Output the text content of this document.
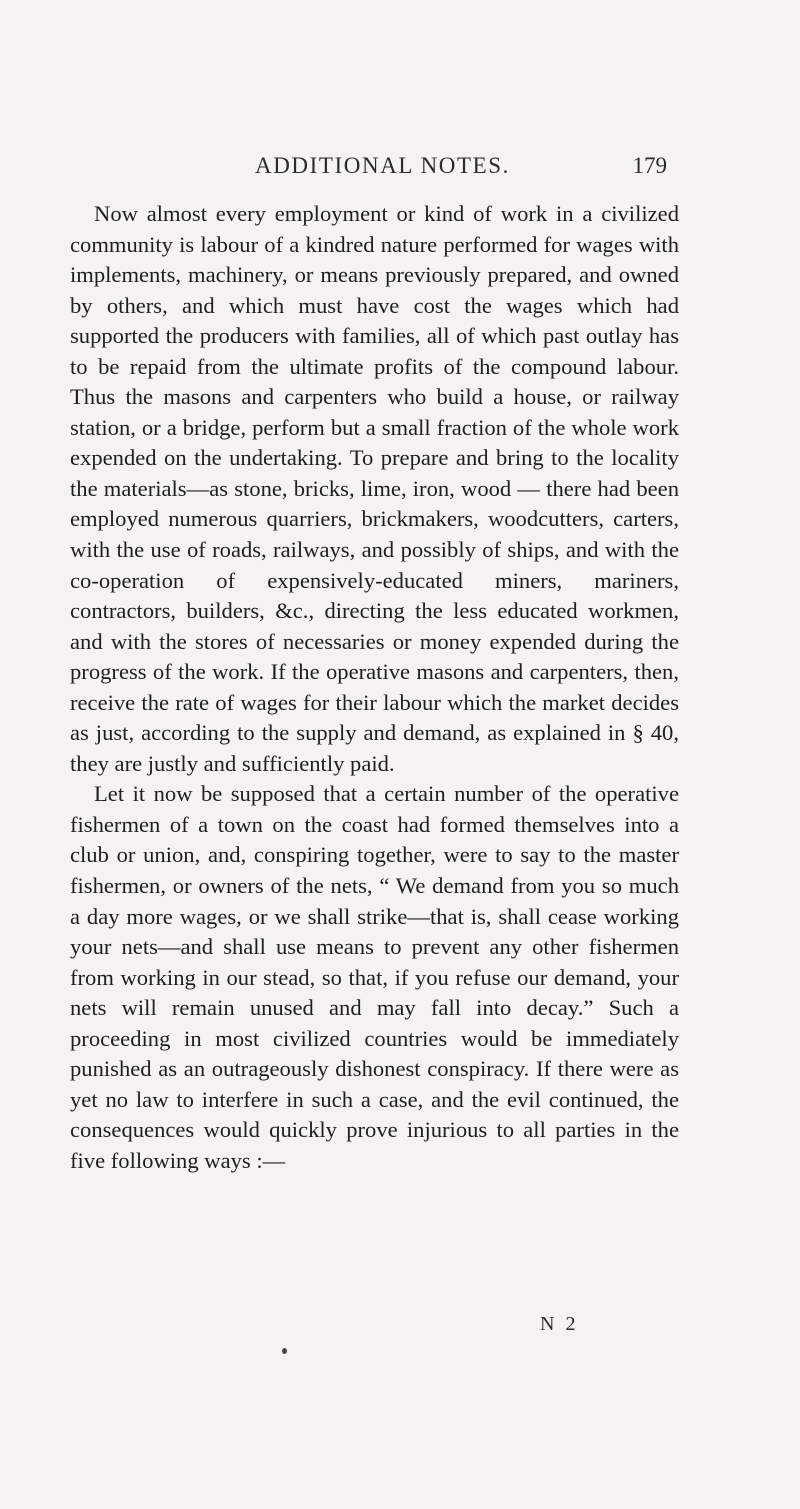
ADDITIONAL NOTES.	179

Now almost every employment or kind of work in a civilized community is labour of a kindred nature performed for wages with implements, machinery, or means previously prepared, and owned by others, and which must have cost the wages which had supported the producers with families, all of which past outlay has to be repaid from the ultimate profits of the compound labour. Thus the masons and carpenters who build a house, or railway station, or a bridge, perform but a small fraction of the whole work expended on the undertaking. To prepare and bring to the locality the materials—as stone, bricks, lime, iron, wood — there had been employed numerous quarriers, brickmakers, woodcutters, carters, with the use of roads, railways, and possibly of ships, and with the co-operation of expensively-educated miners, mariners, contractors, builders, &c., directing the less educated workmen, and with the stores of necessaries or money expended during the progress of the work. If the operative masons and carpenters, then, receive the rate of wages for their labour which the market decides as just, according to the supply and demand, as explained in § 40, they are justly and sufficiently paid.

Let it now be supposed that a certain number of the operative fishermen of a town on the coast had formed themselves into a club or union, and, conspiring together, were to say to the master fishermen, or owners of the nets, “ We demand from you so much a day more wages, or we shall strike—that is, shall cease working your nets—and shall use means to prevent any other fishermen from working in our stead, so that, if you refuse our demand, your nets will remain unused and may fall into decay.” Such a proceeding in most civilized countries would be immediately punished as an outrageously dishonest conspiracy. If there were as yet no law to interfere in such a case, and the evil continued, the consequences would quickly prove injurious to all parties in the five following ways :—

N 2
